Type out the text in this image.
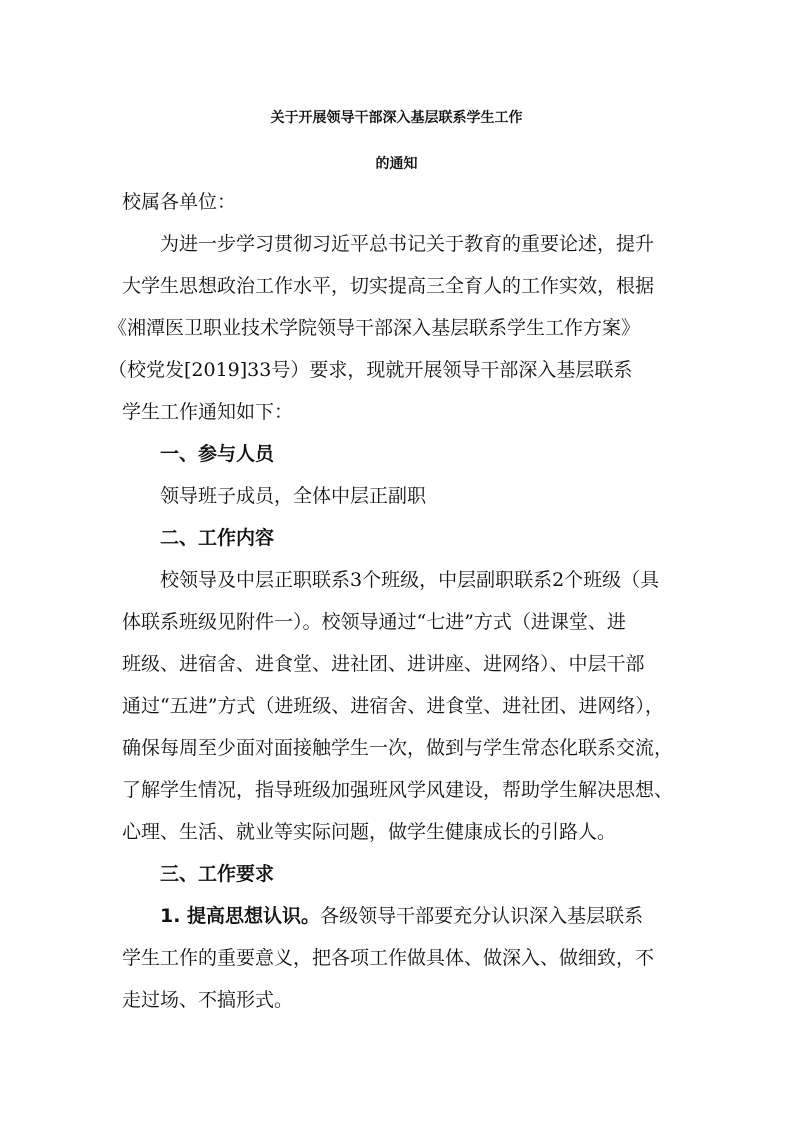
关于开展领导干部深入基层联系学生工作
的通知
校属各单位：
为进一步学习贯彻习近平总书记关于教育的重要论述，提升
大学生思想政治工作水平，切实提高三全育人的工作实效，根据
《湘潭医卫职业技术学院领导干部深入基层联系学生工作方案》
（校党发[2019]33号）要求，现就开展领导干部深入基层联系
学生工作通知如下：
一、参与人员
领导班子成员，全体中层正副职
二、工作内容
校领导及中层正职联系3个班级，中层副职联系2个班级（具
体联系班级见附件一）。校领导通过“七进”方式（进课堂、进
班级、进宿舍、进食堂、进社团、进讲座、进网络）、中层干部
通过“五进”方式（进班级、进宿舍、进食堂、进社团、进网络），
确保每周至少面对面接触学生一次，做到与学生常态化联系交流，
了解学生情况，指导班级加强班风学风建设，帮助学生解决思想、
心理、生活、就业等实际问题，做学生健康成长的引路人。
三、工作要求
1. 提高思想认识。各级领导干部要充分认识深入基层联系
学生工作的重要意义，把各项工作做具体、做深入、做细致，不
走过场、不搞形式。
